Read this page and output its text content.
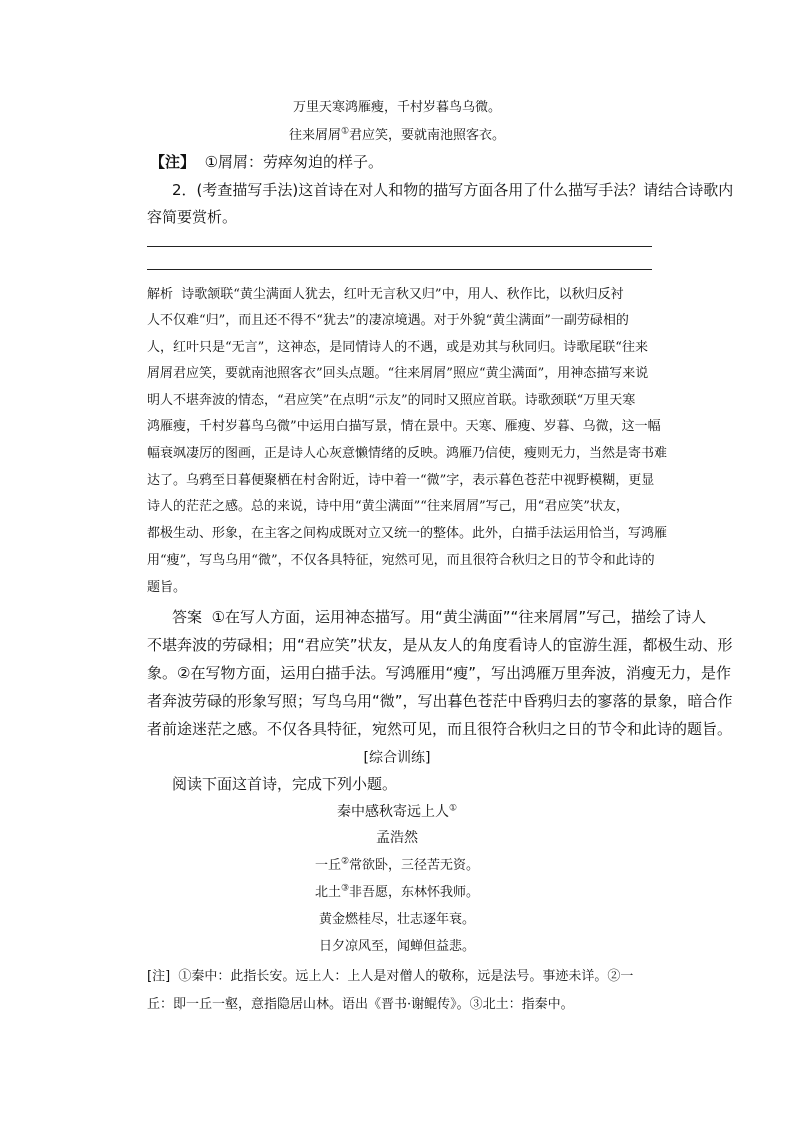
万里天寒鸿雁瘦，千村岁暮鸟乌微。
往来屑屑①君应笑，要就南池照客衣。
【注】 ①屑屑：劳瘁匆迫的样子。
2．(考查描写手法)这首诗在对人和物的描写方面各用了什么描写手法？请结合诗歌内
容简要赏析。
解析 诗歌颔联“黄尘满面人犹去，红叶无言秋又归”中，用人、秋作比，以秋归反衬
人不仅难“归”，而且还不得不“犹去”的凄凉境遇。对于外貌“黄尘满面”一副劳碌相的
人，红叶只是“无言”，这神态，是同情诗人的不遇，或是劝其与秋同归。诗歌尾联“往来
屑屑君应笑，要就南池照客衣”回头点题。“往来屑屑”照应“黄尘满面”，用神态描写来说
明人不堪奔波的情态，“君应笑”在点明“示友”的同时又照应首联。诗歌颈联“万里天寒
鸿雁瘦，千村岁暮鸟乌微”中运用白描写景，情在景中。天寒、雁瘦、岁暮、乌微，这一幅
幅衰飒凄厉的图画，正是诗人心灰意懒情绪的反映。鸿雁乃信使，瘦则无力，当然是寄书难
达了。乌鸦至日暮便聚栖在村舍附近，诗中着一“微”字，表示暮色苍茫中视野模糊，更显
诗人的茫茫之感。总的来说，诗中用“黄尘满面”“往来屑屑”写己，用“君应笑”状友，
都极生动、形象，在主客之间构成既对立又统一的整体。此外，白描手法运用恰当，写鸿雁
用“瘦”，写鸟乌用“微”，不仅各具特征，宛然可见，而且很符合秋归之日的节令和此诗的
题旨。
答案 ①在写人方面，运用神态描写。用“黄尘满面”“往来屑屑”写己，描绘了诗人
不堪奔波的劳碌相；用“君应笑”状友，是从友人的角度看诗人的宦游生涯，都极生动、形
象。②在写物方面，运用白描手法。写鸿雁用“瘦”，写出鸿雁万里奔波，消瘦无力，是作
者奔波劳碌的形象写照；写鸟乌用“微”，写出暮色苍茫中昏鸦归去的寥落的景象，暗合作
者前途迷茫之感。不仅各具特征，宛然可见，而且很符合秋归之日的节令和此诗的题旨。
[综合训练]
阅读下面这首诗，完成下列小题。
秦中感秋寄远上人①
孟浩然
一丘②常欲卧，三径苦无资。
北土③非吾愿，东林怀我师。
黄金燃桂尽，壮志逐年衰。
日夕凉风至，闻蝉但益悲。
[注] ①秦中：此指长安。远上人：上人是对僧人的敬称，远是法号。事迹未详。②一
丘：即一丘一壑，意指隐居山林。语出《晋书·谢鲲传》。③北土：指秦中。
